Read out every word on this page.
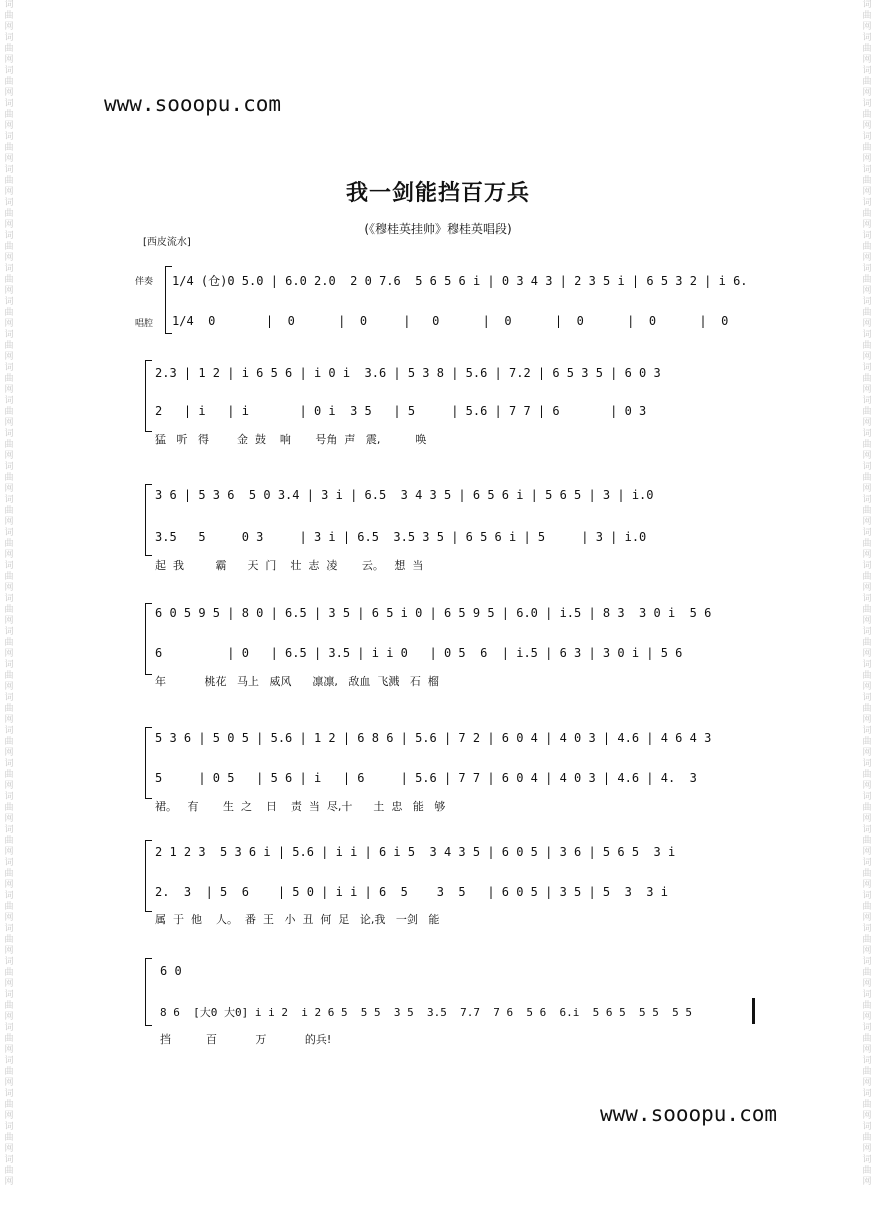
词曲网词曲网词曲网词曲网词曲网词曲网词曲网词曲网词曲网词曲网词曲网词曲网词曲网词曲网词曲网词曲网词曲网词曲网词曲网词曲网词曲网词曲网词曲网词曲网词曲网词曲网词曲网词曲网词曲网词曲网词曲网词曲网词曲网词曲网词曲网词曲网
词曲网词曲网词曲网词曲网词曲网词曲网词曲网词曲网词曲网词曲网词曲网词曲网词曲网词曲网词曲网词曲网词曲网词曲网词曲网词曲网词曲网词曲网词曲网词曲网词曲网词曲网词曲网词曲网词曲网词曲网词曲网词曲网词曲网词曲网词曲网词曲网
www.sooopu.com
我一剑能挡百万兵
(《穆桂英挂帅》穆桂英唱段)
[西皮流水]
伴奏
唱腔
1/4 (仓)0 5.0 | 6.0 2.0  2 0 7.6  5 6 5 6 i | 0 3 4 3 | 2 3 5 i | 6 5 3 2 | i 6.
1/4  0       |  0      |  0     |   0      |  0      |  0      |  0      |  0
2.3 | 1 2 | i 6 5 6 | i 0 i  3.6 | 5 3 8 | 5.6 | 7.2 | 6 5 3 5 | 6 0 3
2   | i   | i       | 0 i  3 5   | 5     | 5.6 | 7 7 | 6       | 0 3
猛   听   得        金  鼓    响       号角  声   震,          唤
3 6 | 5 3 6  5 0 3.4 | 3 i | 6.5  3 4 3 5 | 6 5 6 i | 5 6 5 | 3 | i.0
3.5   5     0 3     | 3 i | 6.5  3.5 3 5 | 6 5 6 i | 5     | 3 | i.0
起  我         霸      天  门    壮  志  凌       云。   想  当
6 0 5 9 5 | 8 0 | 6.5 | 3 5 | 6 5 i 0 | 6 5 9 5 | 6.0 | i.5 | 8 3  3 0 i  5 6
6         | 0   | 6.5 | 3.5 | i i 0   | 0 5  6  | i.5 | 6 3 | 3 0 i | 5 6
年           桃花   马上   威风      凛凛,   敌血  飞溅   石  榴
5 3 6 | 5 0 5 | 5.6 | 1 2 | 6 8 6 | 5.6 | 7 2 | 6 0 4 | 4 0 3 | 4.6 | 4 6 4 3
5     | 0 5   | 5 6 | i   | 6     | 5.6 | 7 7 | 6 0 4 | 4 0 3 | 4.6 | 4.  3
裙。   有       生  之    日    责  当  尽,十      土  忠   能   够
2 1 2 3  5 3 6 i | 5.6 | i i | 6 i 5  3 4 3 5 | 6 0 5 | 3 6 | 5 6 5  3 i
2.  3  | 5  6    | 5 0 | i i | 6  5    3  5   | 6 0 5 | 3 5 | 5  3  3 i
属  于  他    人。  番  王   小  丑  何  足   论,我   一剑   能
6 0
8 6  [大0 大0] i i 2  i 2 6 5  5 5  3 5  3.5  7.7  7 6  5 6  6.i  5 6 5  5 5  5 5
挡          百           万           的兵!
www.sooopu.com
